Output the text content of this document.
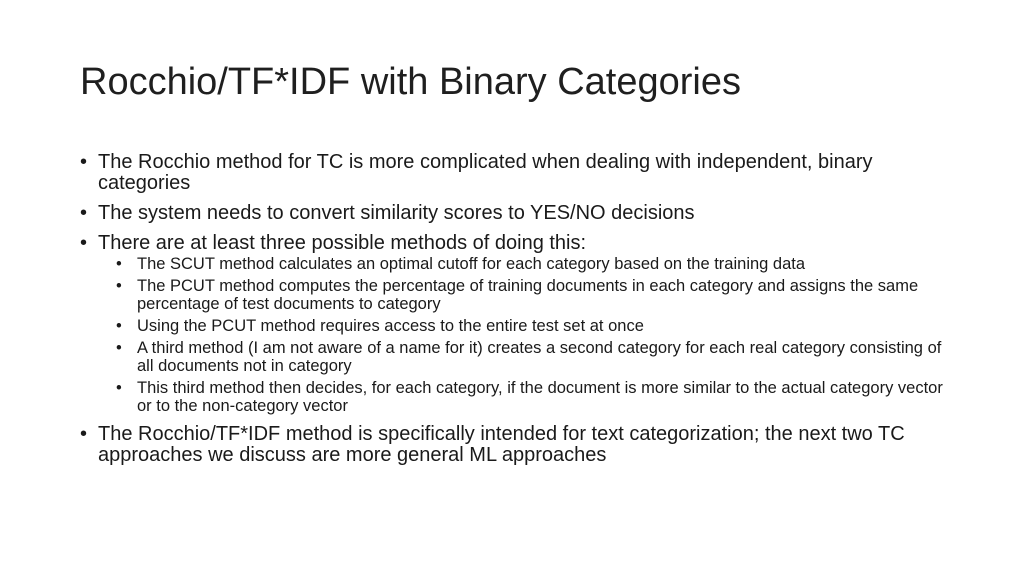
Rocchio/TF*IDF with Binary Categories
• The Rocchio method for TC is more complicated when dealing with independent, binary categories
• The system needs to convert similarity scores to YES/NO decisions
• There are at least three possible methods of doing this:
• The SCUT method calculates an optimal cutoff for each category based on the training data
• The PCUT method computes the percentage of training documents in each category and assigns the same percentage of test documents to category
• Using the PCUT method requires access to the entire test set at once
• A third method (I am not aware of a name for it) creates a second category for each real category consisting of all documents not in category
• This third method then decides, for each category, if the document is more similar to the actual category vector or to the non-category vector
• The Rocchio/TF*IDF method is specifically intended for text categorization; the next two TC approaches we discuss are more general ML approaches
